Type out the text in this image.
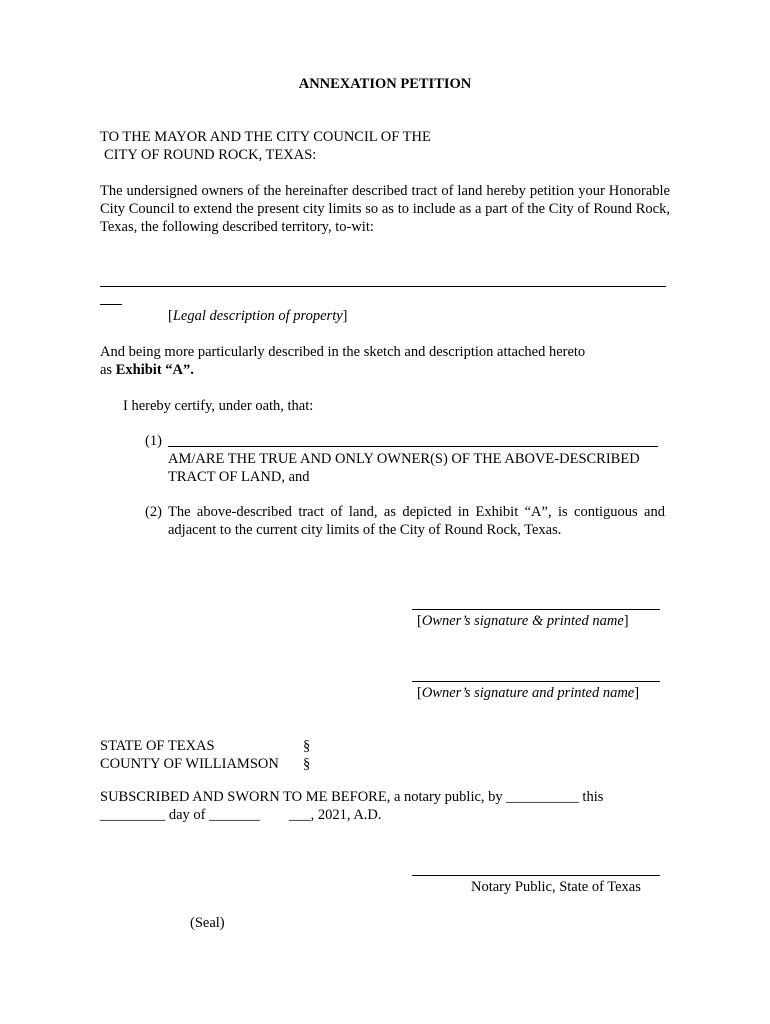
ANNEXATION PETITION
TO THE MAYOR AND THE CITY COUNCIL OF THE
CITY OF ROUND ROCK, TEXAS:
The undersigned owners of the hereinafter described tract of land hereby petition your Honorable City Council to extend the present city limits so as to include as a part of the City of Round Rock, Texas, the following described territory, to-wit:
[Legal description of property]
And being more particularly described in the sketch and description attached hereto
as Exhibit “A”.
I hereby certify, under oath, that:
(1)
AM/ARE THE TRUE AND ONLY OWNER(S) OF THE ABOVE-DESCRIBED TRACT OF LAND, and
(2) The above-described tract of land, as depicted in Exhibit “A”, is contiguous and adjacent to the current city limits of the City of Round Rock, Texas.
[Owner’s signature & printed name]
[Owner’s signature and printed name]
STATE OF TEXAS	§
COUNTY OF WILLIAMSON §
SUBSCRIBED AND SWORN TO ME BEFORE, a notary public, by __________ this
_________ day of _______        ___, 2021, A.D.
Notary Public, State of Texas
(Seal)
